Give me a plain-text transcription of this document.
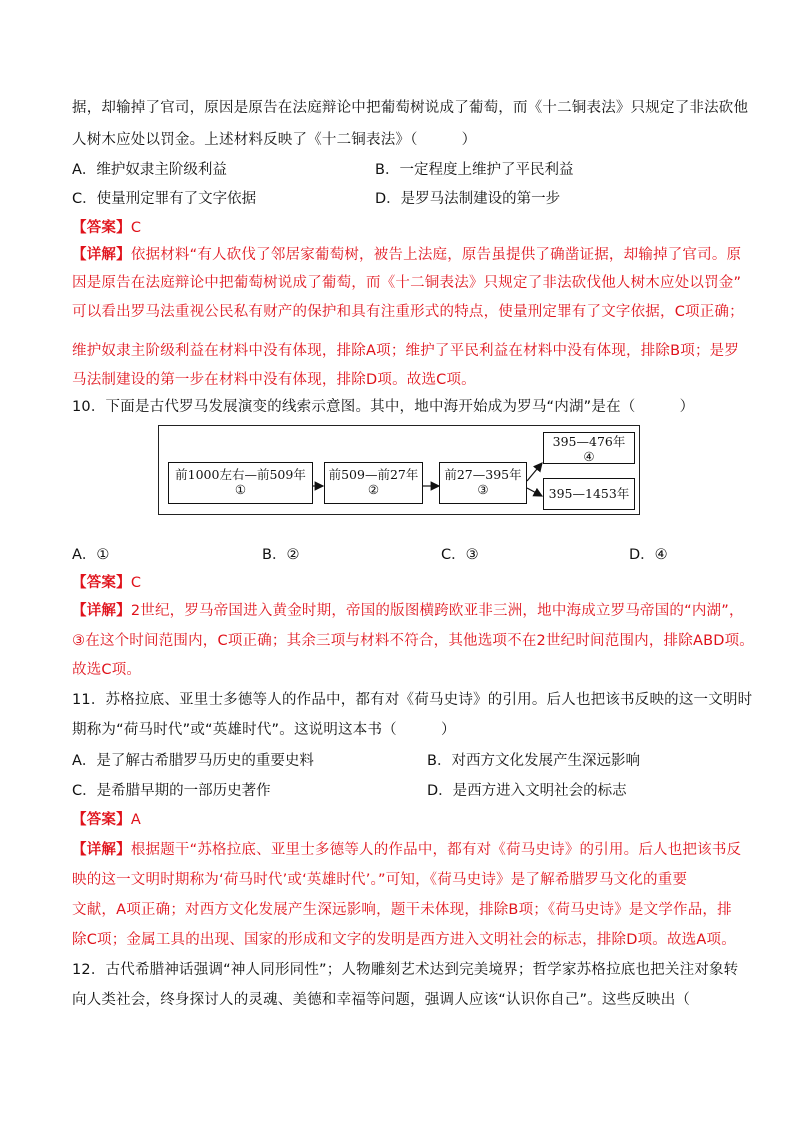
据，却输掉了官司，原因是原告在法庭辩论中把葡萄树说成了葡萄，而《十二铜表法》只规定了非法砍他
人树木应处以罚金。上述材料反映了《十二铜表法》（　　　）
A．维护奴隶主阶级利益	B．一定程度上维护了平民利益
C．使量刑定罪有了文字依据	D．是罗马法制建设的第一步
【答案】C
【详解】依据材料“有人砍伐了邻居家葡萄树，被告上法庭，原告虽提供了确凿证据，却输掉了官司。原
因是原告在法庭辩论中把葡萄树说成了葡萄，而《十二铜表法》只规定了非法砍伐他人树木应处以罚金”
可以看出罗马法重视公民私有财产的保护和具有注重形式的特点，使量刑定罪有了文字依据，C项正确；
维护奴隶主阶级利益在材料中没有体现，排除A项；维护了平民利益在材料中没有体现，排除B项；是罗
马法制建设的第一步在材料中没有体现，排除D项。故选C项。
10．下面是古代罗马发展演变的线索示意图。其中，地中海开始成为罗马“内湖”是在（　　　）
前1000左右—前509年
①
前509—前27年
②
前27—395年
③
395—476年
④
395—1453年
A．①	B．②	C．③	D．④
【答案】C
【详解】2世纪，罗马帝国进入黄金时期，帝国的版图横跨欧亚非三洲，地中海成立罗马帝国的“内湖”，
③在这个时间范围内，C项正确；其余三项与材料不符合，其他选项不在2世纪时间范围内，排除ABD项。
故选C项。
11．苏格拉底、亚里士多德等人的作品中，都有对《荷马史诗》的引用。后人也把该书反映的这一文明时
期称为“荷马时代”或“英雄时代”。这说明这本书（　　　）
A．是了解古希腊罗马历史的重要史料	B．对西方文化发展产生深远影响
C．是希腊早期的一部历史著作	D．是西方进入文明社会的标志
【答案】A
【详解】根据题干“苏格拉底、亚里士多德等人的作品中，都有对《荷马史诗》的引用。后人也把该书反
映的这一文明时期称为‘荷马时代’或‘英雄时代’。”可知，《荷马史诗》是了解希腊罗马文化的重要
文献，A项正确；对西方文化发展产生深远影响，题干未体现，排除B项；《荷马史诗》是文学作品，排
除C项；金属工具的出现、国家的形成和文字的发明是西方进入文明社会的标志，排除D项。故选A项。
12．古代希腊神话强调“神人同形同性”；人物雕刻艺术达到完美境界；哲学家苏格拉底也把关注对象转
向人类社会，终身探讨人的灵魂、美德和幸福等问题，强调人应该“认识你自己”。这些反映出（
